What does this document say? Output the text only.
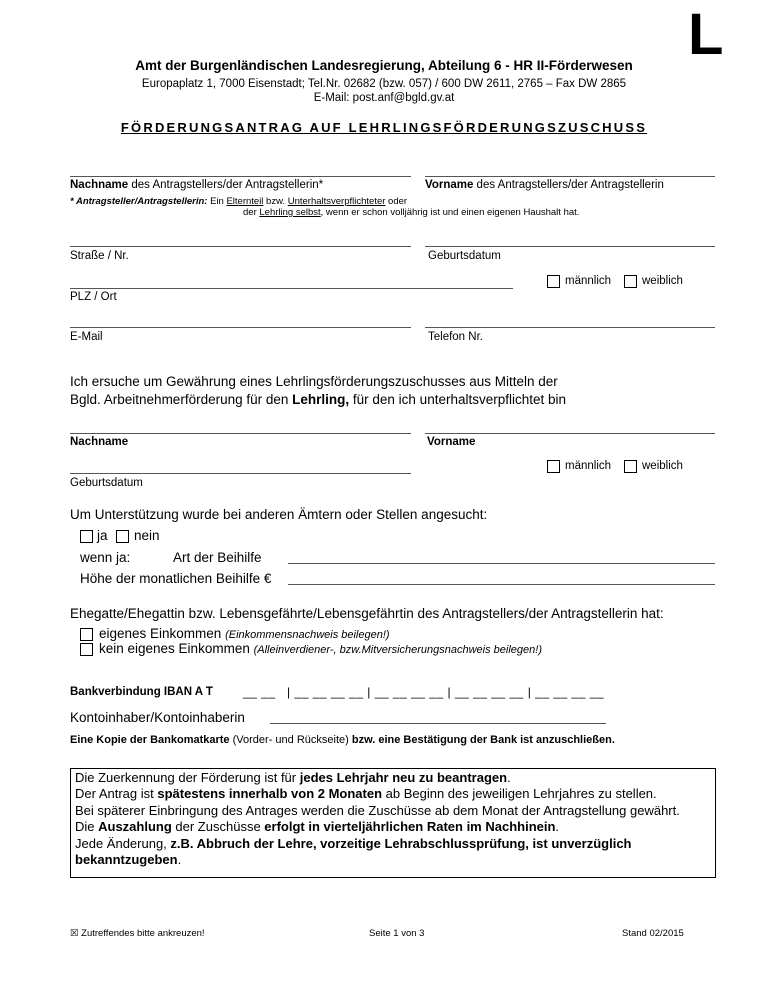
L
Amt der Burgenländischen Landesregierung, Abteilung 6 - HR II-Förderwesen
Europaplatz 1, 7000 Eisenstadt; Tel.Nr. 02682 (bzw. 057) / 600 DW 2611, 2765 – Fax DW 2865
E-Mail: post.anf@bgld.gv.at
FÖRDERUNGSANTRAG AUF LEHRLINGSFÖRDERUNGSZUSCHUSS
Nachname des Antragstellers/der Antragstellerin*	Vorname des Antragstellers/der Antragstellerin
* Antragsteller/Antragstellerin: Ein Elternteil bzw. Unterhaltsverpflichteter oder
der Lehrling selbst, wenn er schon volljährig ist und einen eigenen Haushalt hat.
Straße / Nr.	Geburtsdatum
männlich	weiblich
PLZ / Ort
E-Mail	Telefon Nr.
Ich ersuche um Gewährung eines Lehrlingsförderungszuschusses aus Mitteln der
Bgld. Arbeitnehmerförderung für den Lehrling, für den ich unterhaltsverpflichtet bin
Nachname	Vorname
männlich	weiblich
Geburtsdatum
Um Unterstützung wurde bei anderen Ämtern oder Stellen angesucht:
ja nein
wenn ja:	Art der Beihilfe
Höhe der monatlichen Beihilfe €
Ehegatte/Ehegattin bzw. Lebensgefährte/Lebensgefährtin des Antragstellers/der Antragstellerin hat:
eigenes Einkommen (Einkommensnachweis beilegen!)
kein eigenes Einkommen (Alleinverdiener-, bzw.Mitversicherungsnachweis beilegen!)
Bankverbindung IBAN A T	__ __ | __ __ __ __ | __ __ __ __ | __ __ __ __ | __ __ __ __
Kontoinhaber/Kontoinhaberin
Eine Kopie der Bankomatkarte (Vorder- und Rückseite) bzw. eine Bestätigung der Bank ist anzuschließen.

Die Zuerkennung der Förderung ist für jedes Lehrjahr neu zu beantragen.

Der Antrag ist spätestens innerhalb von 2 Monaten ab Beginn des jeweiligen Lehrjahres zu stellen.

Bei späterer Einbringung des Antrages werden die Zuschüsse ab dem Monat der Antragstellung gewährt.

Die Auszahlung der Zuschüsse erfolgt in vierteljährlichen Raten im Nachhinein.

Jede Änderung, z.B. Abbruch der Lehre, vorzeitige Lehrabschlussprüfung, ist unverzüglich bekanntzugeben.

☒ Zutreffendes bitte ankreuzen!	Seite 1 von 3	Stand 02/2015
